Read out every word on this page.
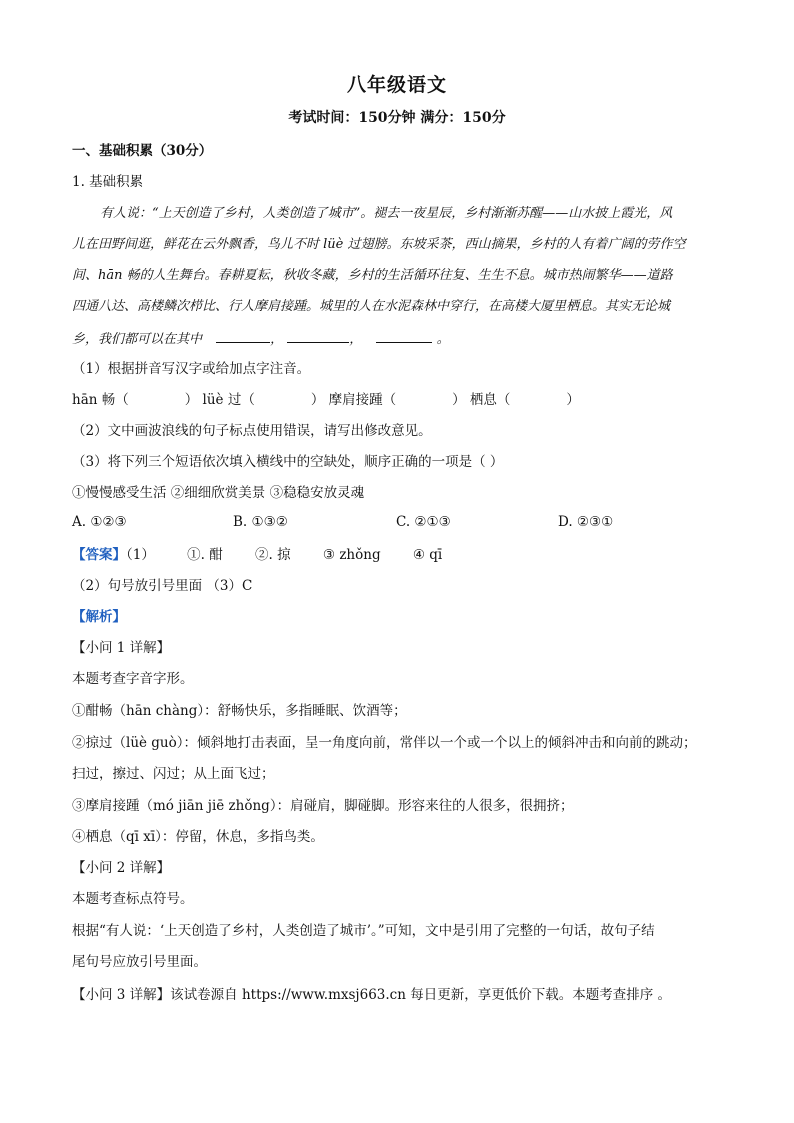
八年级语文
考试时间：150分钟 满分：150分
一、基础积累（30分）
1. 基础积累
有人说：“上天创造了乡村，人类创造了城市”。褪去一夜星辰，乡村渐渐苏醒——山水披上霞光，风
儿在田野间逛，鲜花在云外飘香，鸟儿不时 lüè 过翅膀。东坡采茶，西山摘果，乡村的人有着广阔的劳作空
间、hān 畅的人生舞台。春耕夏耘，秋收冬藏，乡村的生活循环往复、生生不息。城市热闹繁华——道路
四通八达、高楼鳞次栉比、行人摩肩接踵。城里的人在水泥森林中穿行，在高楼大厦里栖息。其实无论城
乡，我们都可以在其中	，	，	。
（1）根据拼音写汉字或给加点字注音。
hān 畅（	） lüè 过（	） 摩肩接踵（	） 栖息（	）
（2）文中画波浪线的句子标点使用错误，请写出修改意见。
（3）将下列三个短语依次填入横线中的空缺处，顺序正确的一项是（ ）
①慢慢感受生活 ②细细欣赏美景 ③稳稳安放灵魂
A. ①②③	B. ①③②	C. ②①③	D. ②③①
【答案】（1） ①. 酣 ②. 掠 ③ zhǒng ④ qī
（2）句号放引号里面 （3）C
【解析】
【小问 1 详解】
本题考查字音字形。
①酣畅（hān chàng）：舒畅快乐，多指睡眠、饮酒等；
②掠过（lüè guò）：倾斜地打击表面，呈一角度向前，常伴以一个或一个以上的倾斜冲击和向前的跳动；
扫过，擦过、闪过；从上面飞过；
③摩肩接踵（mó jiān jiē zhǒng）：肩碰肩，脚碰脚。形容来往的人很多，很拥挤；
④栖息（qī xī）：停留，休息，多指鸟类。
【小问 2 详解】
本题考查标点符号。
根据“有人说：‘上天创造了乡村，人类创造了城市’。”可知，文中是引用了完整的一句话，故句子结
尾句号应放引号里面。
【小问 3 详解】该试卷源自 https://www.mxsj663.cn 每日更新，享更低价下载。本题考查排序 。
